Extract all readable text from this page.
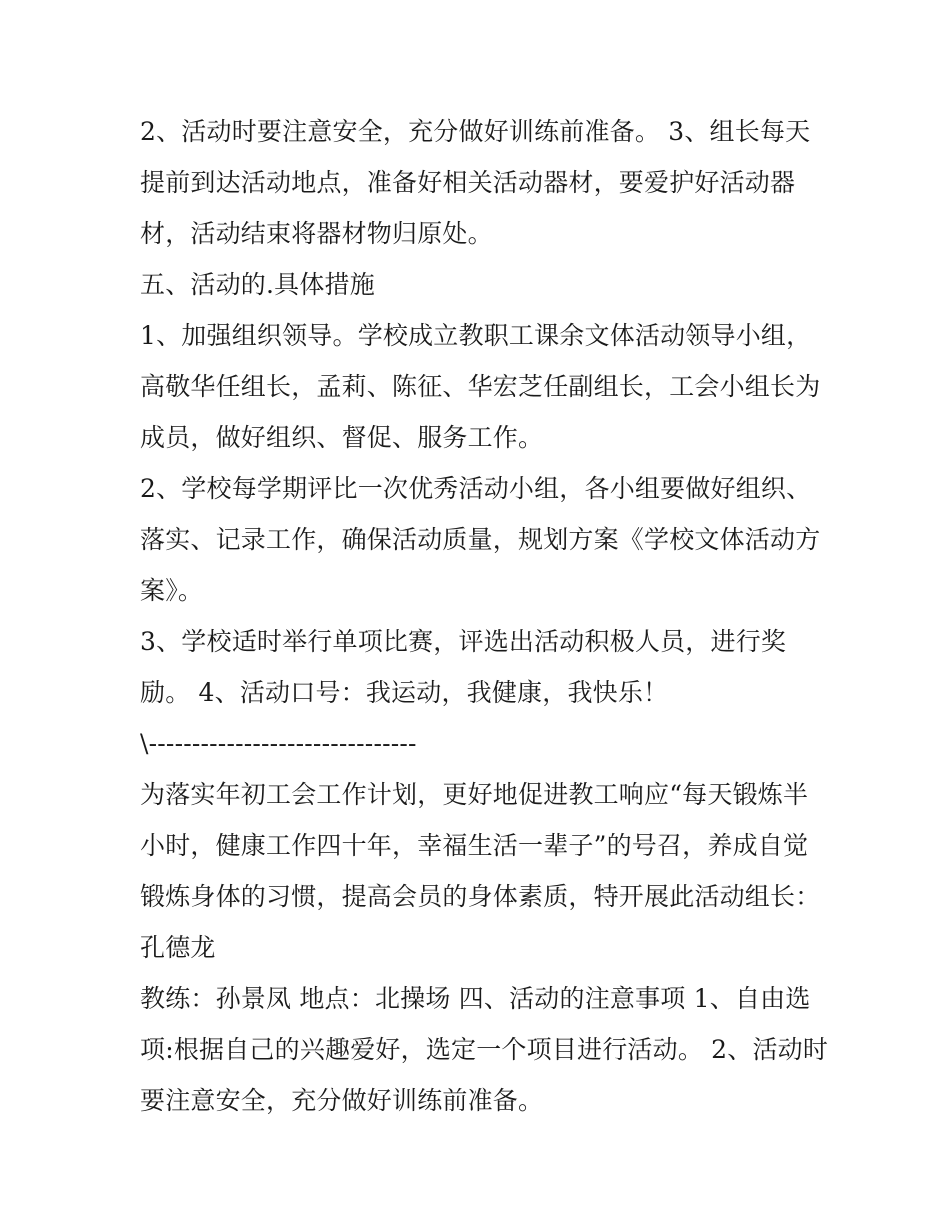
2、活动时要注意安全，充分做好训练前准备。 3、组长每天
提前到达活动地点，准备好相关活动器材，要爱护好活动器
材，活动结束将器材物归原处。
五、活动的.具体措施
1、加强组织领导。学校成立教职工课余文体活动领导小组，
高敬华任组长，孟莉、陈征、华宏芝任副组长，工会小组长为
成员，做好组织、督促、服务工作。
2、学校每学期评比一次优秀活动小组，各小组要做好组织、
落实、记录工作，确保活动质量，规划方案《学校文体活动方
案》。
3、学校适时举行单项比赛，评选出活动积极人员，进行奖
励。 4、活动口号：我运动，我健康，我快乐！
\-------------------------------
为落实年初工会工作计划，更好地促进教工响应“每天锻炼半
小时，健康工作四十年，幸福生活一辈子”的号召，养成自觉
锻炼身体的习惯，提高会员的身体素质，特开展此活动组长：
孔德龙
教练：孙景凤 地点：北操场 四、活动的注意事项 1、自由选
项:根据自己的兴趣爱好，选定一个项目进行活动。 2、活动时
要注意安全，充分做好训练前准备。
